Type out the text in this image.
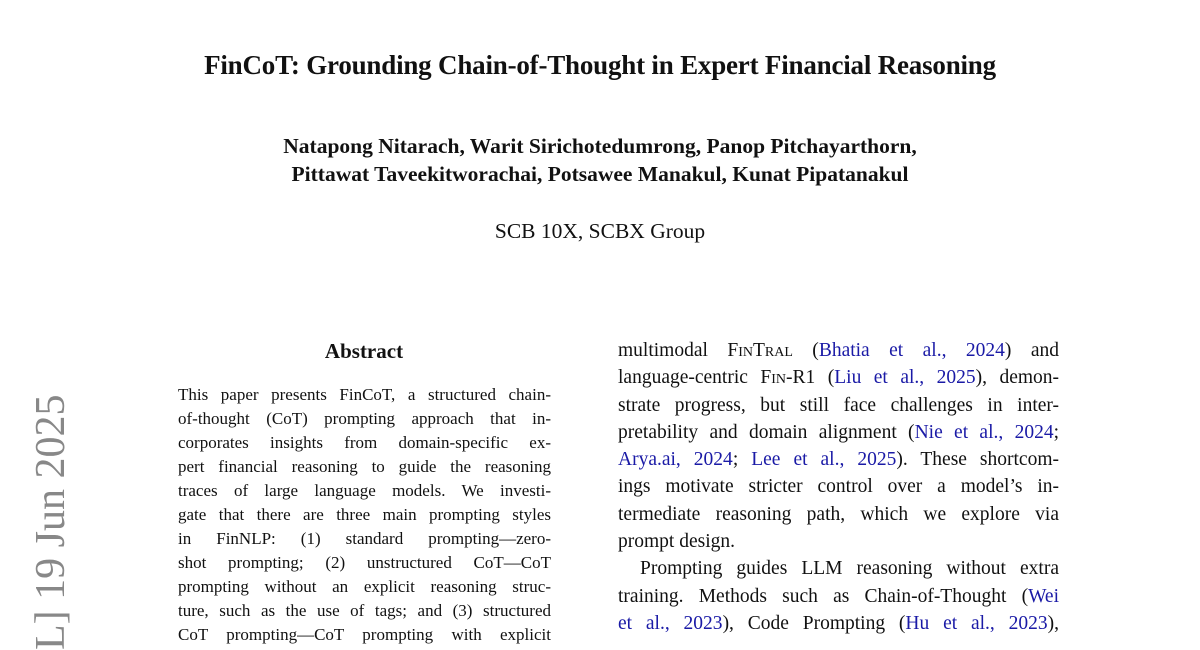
FinCoT: Grounding Chain-of-Thought in Expert Financial Reasoning
Natapong Nitarach, Warit Sirichotedumrong, Panop Pitchayarthorn,
Pittawat Taveekitworachai, Potsawee Manakul, Kunat Pipatanakul
SCB 10X, SCBX Group
L] 19 Jun 2025
Abstract
This paper presents FinCoT, a structured chain-
of-thought (CoT) prompting approach that in-
corporates insights from domain-specific ex-
pert financial reasoning to guide the reasoning
traces of large language models. We investi-
gate that there are three main prompting styles
in FinNLP: (1) standard prompting—zero-
shot prompting; (2) unstructured CoT—CoT
prompting without an explicit reasoning struc-
ture, such as the use of tags; and (3) structured
CoT prompting—CoT prompting with explicit
multimodal FinTral (Bhatia et al., 2024) and
language-centric Fin-R1 (Liu et al., 2025), demon-
strate progress, but still face challenges in inter-
pretability and domain alignment (Nie et al., 2024;
Arya.ai, 2024; Lee et al., 2025). These shortcom-
ings motivate stricter control over a model’s in-
termediate reasoning path, which we explore via
prompt design.
Prompting guides LLM reasoning without extra
training. Methods such as Chain-of-Thought (Wei
et al., 2023), Code Prompting (Hu et al., 2023),
